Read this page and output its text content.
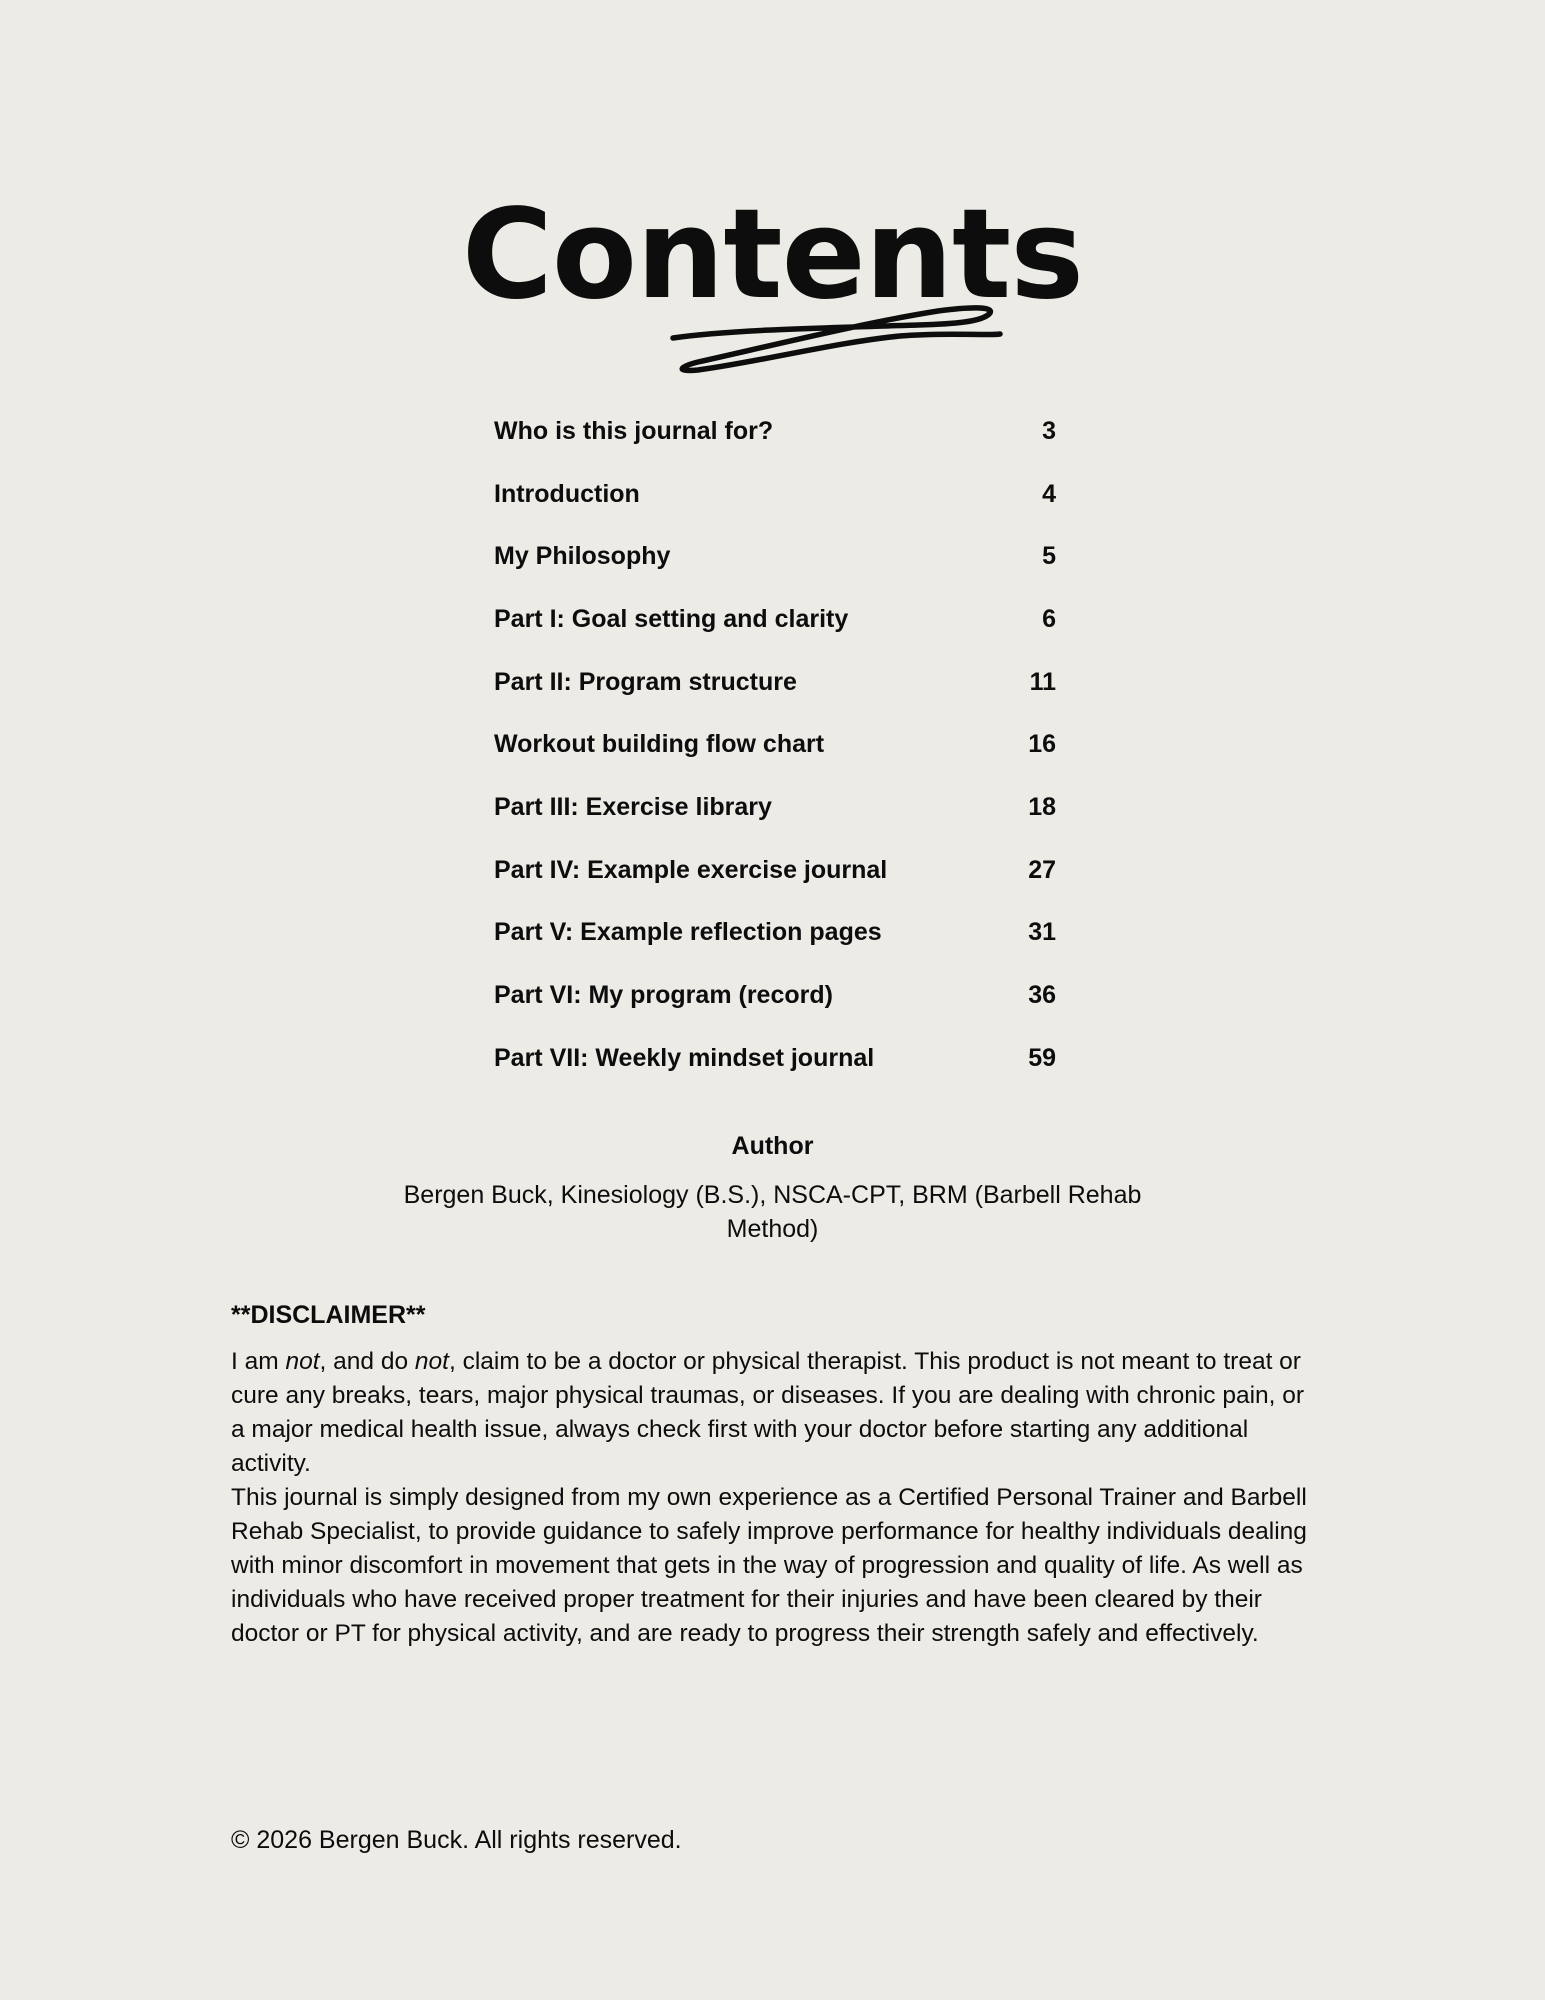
Contents
Who is this journal for?	3
Introduction	4
My Philosophy	5
Part I: Goal setting and clarity	6
Part II: Program structure	11
Workout building flow chart	16
Part III: Exercise library	18
Part IV: Example exercise journal	27
Part V: Example reflection pages	31
Part VI: My program (record)	36
Part VII: Weekly mindset journal	59
Author

Bergen Buck, Kinesiology (B.S.), NSCA-CPT, BRM (Barbell Rehab
Method)

**DISCLAIMER**

I am not, and do not, claim to be a doctor or physical therapist. This product is not meant to treat or cure any breaks, tears, major physical traumas, or diseases. If you are dealing with chronic pain, or a major medical health issue, always check first with your doctor before starting any additional activity.

This journal is simply designed from my own experience as a Certified Personal Trainer and Barbell Rehab Specialist, to provide guidance to safely improve performance for healthy individuals dealing with minor discomfort in movement that gets in the way of progression and quality of life. As well as individuals who have received proper treatment for their injuries and have been cleared by their doctor or PT for physical activity, and are ready to progress their strength safely and effectively.

© 2026 Bergen Buck. All rights reserved.
